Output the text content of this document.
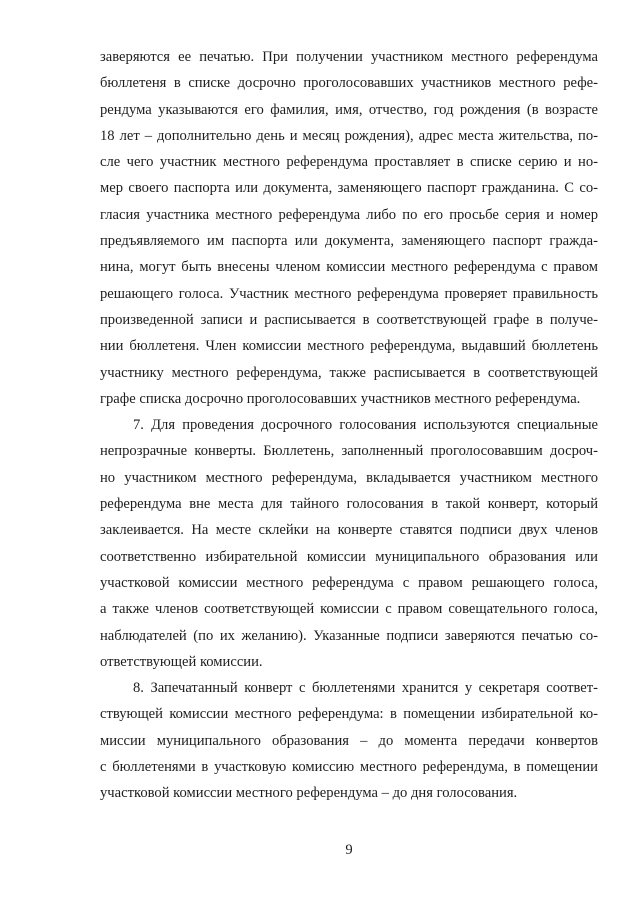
заверяются ее печатью. При получении участником местного референдума
бюллетеня в списке досрочно проголосовавших участников местного рефе-
рендума указываются его фамилия, имя, отчество, год рождения (в возрасте
18 лет – дополнительно день и месяц рождения), адрес места жительства, по-
сле чего участник местного референдума проставляет в списке серию и но-
мер своего паспорта или документа, заменяющего паспорт гражданина. С со-
гласия участника местного референдума либо по его просьбе серия и номер
предъявляемого им паспорта или документа, заменяющего паспорт гражда-
нина, могут быть внесены членом комиссии местного референдума с правом
решающего голоса. Участник местного референдума проверяет правильность
произведенной записи и расписывается в соответствующей графе в получе-
нии бюллетеня. Член комиссии местного референдума, выдавший бюллетень
участнику местного референдума, также расписывается в соответствующей
графе списка досрочно проголосовавших участников местного референдума.
7. Для проведения досрочного голосования используются специальные
непрозрачные конверты. Бюллетень, заполненный проголосовавшим досроч-
но участником местного референдума, вкладывается участником местного
референдума вне места для тайного голосования в такой конверт, который
заклеивается. На месте склейки на конверте ставятся подписи двух членов
соответственно избирательной комиссии муниципального образования или
участковой комиссии местного референдума с правом решающего голоса,
а также членов соответствующей комиссии с правом совещательного голоса,
наблюдателей (по их желанию). Указанные подписи заверяются печатью со-
ответствующей комиссии.
8. Запечатанный конверт с бюллетенями хранится у секретаря соответ-
ствующей комиссии местного референдума: в помещении избирательной ко-
миссии муниципального образования – до момента передачи конвертов
с бюллетенями в участковую комиссию местного референдума, в помещении
участковой комиссии местного референдума – до дня голосования.
9
